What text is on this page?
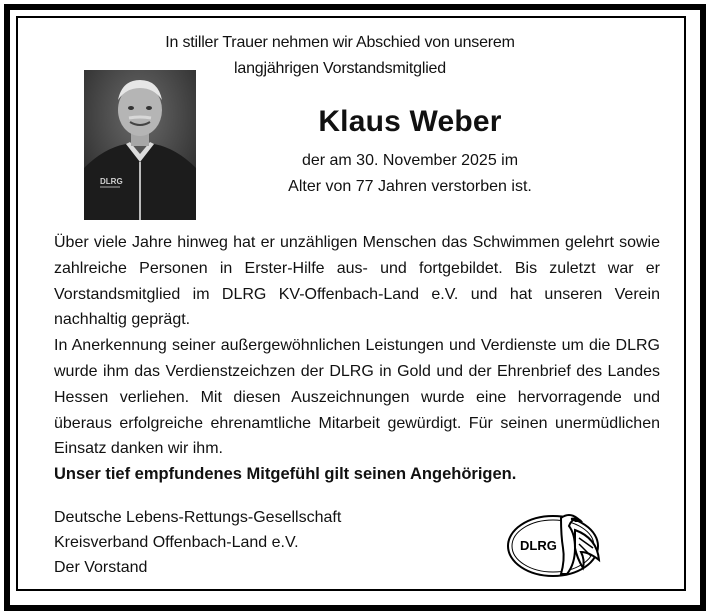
In stiller Trauer nehmen wir Abschied von unserem
langjährigen Vorstandsmitglied
DLRG
Klaus Weber
der am 30. November 2025 im
Alter von 77 Jahren verstorben ist.

Über viele Jahre hinweg hat er unzähligen Menschen das Schwimmen gelehrt sowie zahlreiche Personen in Erster-Hilfe aus- und fortgebildet. Bis zuletzt war er Vorstandsmitglied im DLRG KV-Offenbach-Land e.V. und hat unseren Verein nachhaltig geprägt.

In Anerkennung seiner außergewöhnlichen Leistungen und Verdienste um die DLRG wurde ihm das Verdienstzeichzen der DLRG in Gold und der Ehrenbrief des Landes Hessen verliehen. Mit diesen Auszeichnungen wurde eine hervorragende und überaus erfolgreiche ehrenamtliche Mitarbeit gewürdigt. Für seinen unermüdlichen Einsatz danken wir ihm.

Unser tief empfundenes Mitgefühl gilt seinen Angehörigen.
Deutsche Lebens-Rettungs-Gesellschaft
Kreisverband Offenbach-Land e.V.
Der Vorstand
DLRG
